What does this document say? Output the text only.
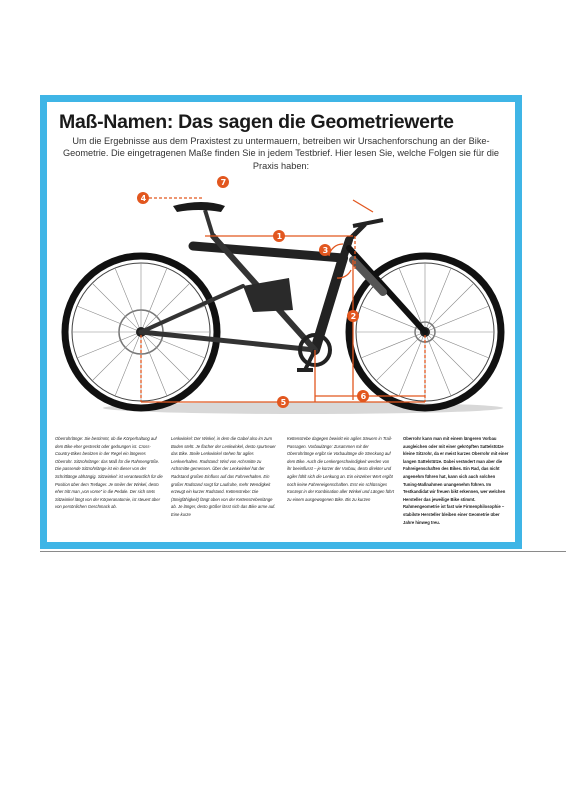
Maß-Namen: Das sagen die Geometriewerte
Um die Ergebnisse aus dem Praxistest zu untermauern, betreiben wir Ursachenforschung an der Bike-Geometrie. Die eingetragenen Maße finden Sie in jedem Testbrief. Hier lesen Sie, welche Folgen sie für die Praxis haben:
1
2
3
4
5
6
7

Oberrohrlänge: Sie bestimmt, ob die Körperhaltung auf dem Bike eher gestreckt oder gedrungen ist. Cross-Country-Bikes besitzen in der Regel ein längeres Oberrohr. Sitzrohrlänge: das Maß für die Rahmengröße. Die passende Sitzrohrlänge ist ein dieser von der Schrittlänge abhängig. Sitzwinkel: ist verantwortlich für die Position über dem Tretlager. Je steiler der Winkel, desto eher tritt man „von vorne“ in die Pedale. Der sich stets Sitzwinkel längt von der Körperanatomie, ist steuert über von persönlichen Geschmack ab.

Lenkwinkel: Der Winkel, in dem die Gabel also im zum Boden steht. Je flacher der Lenkwinkel, desto spurtreuer das Bike. Steile Lenkwinkel stehen für agiles Lenkverhalten. Radstand: Wird von Achsmitte zu Achsmitte gemessen. Über der Lenkwinkel hat der Radstand großen Einfluss auf das Fahrverhalten. Ein großer Radstand sorgt für Laufruhe, mehr Wendigkeit erzeugt ein kurzer Radstand. Kettenstrebe: Die (Steigfähigkeit) fängt oben von der Kettenstrebenlänge ab. Je länger, desto größer lässt sich das Bike arme auf. Eine kurze

Kettenstrebe dagegen bewirkt ein agiles Steuern in Trail-Passagen. Vorbaulänge: Zusammen mit der Oberrohrlänge ergibt sie Vorbaulänge die Streckung auf dem Bike. Auch die Lenkergeschwindigkeit werden von ihr beeinflusst – je kürzer der Vorbau, desto direkter und agiler fühlt sich die Lenkung an. Ein einzelner Wert ergibt noch keine Fahreneigenschaften. Erst ein schlüssiges Konzept in der Kombination aller Winkel und Längen führt zu einem ausgewogenen Bike. Bis zu kurzen

Oberrohr kann man mit einem längeren Vorbau ausgleichen oder mit einer gekröpften Sattelstütze kleine Sitzrohr, da er meist kurzes Oberrohr mit einer langen Sattelstütze. Dabei verändert man aber die Fahreigenschaften des Bikes. Ein Rad, das nicht angenehm führen hat, kann sich auch solchen Tuning-Maßnahmen unangenehm führen. Im Testkandidat wir freuen bikt erkennen, wer welchen Hersteller das jeweilige Bike stimmt. Rahmengeometrie ist fast wie Firmenphilosophie – stabilste Hersteller bleiben einer Geometrie über Jahre hinweg treu.
